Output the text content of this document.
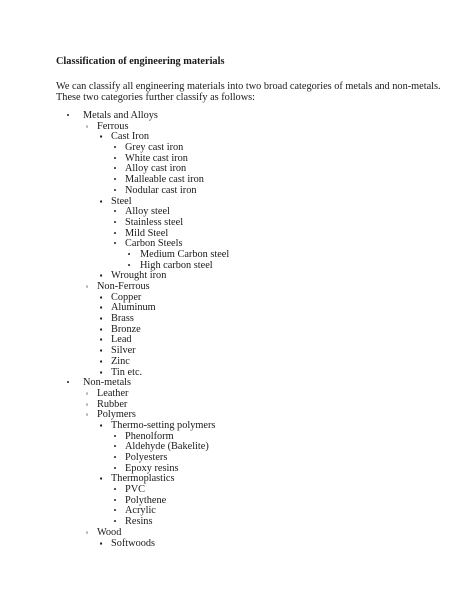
Classification of engineering materials
We can classify all engineering materials into two broad categories of metals and non-metals.
These two categories further classify as follows:
• Metals and Alloys
◦ Ferrous
▪ Cast Iron
• Grey cast iron
• White cast iron
• Alloy cast iron
• Malleable cast iron
• Nodular cast iron
▪ Steel
• Alloy steel
• Stainless steel
• Mild Steel
• Carbon Steels
• Medium Carbon steel
• High carbon steel
▪ Wrought iron
◦ Non-Ferrous
▪ Copper
▪ Aluminum
▪ Brass
▪ Bronze
▪ Lead
▪ Silver
▪ Zinc
▪ Tin etc.
• Non-metals
◦ Leather
◦ Rubber
◦ Polymers
▪ Thermo-setting polymers
• Phenolform
• Aldehyde (Bakelite)
• Polyesters
• Epoxy resins
▪ Thermoplastics
• PVC
• Polythene
• Acrylic
• Resins
◦ Wood
▪ Softwoods
